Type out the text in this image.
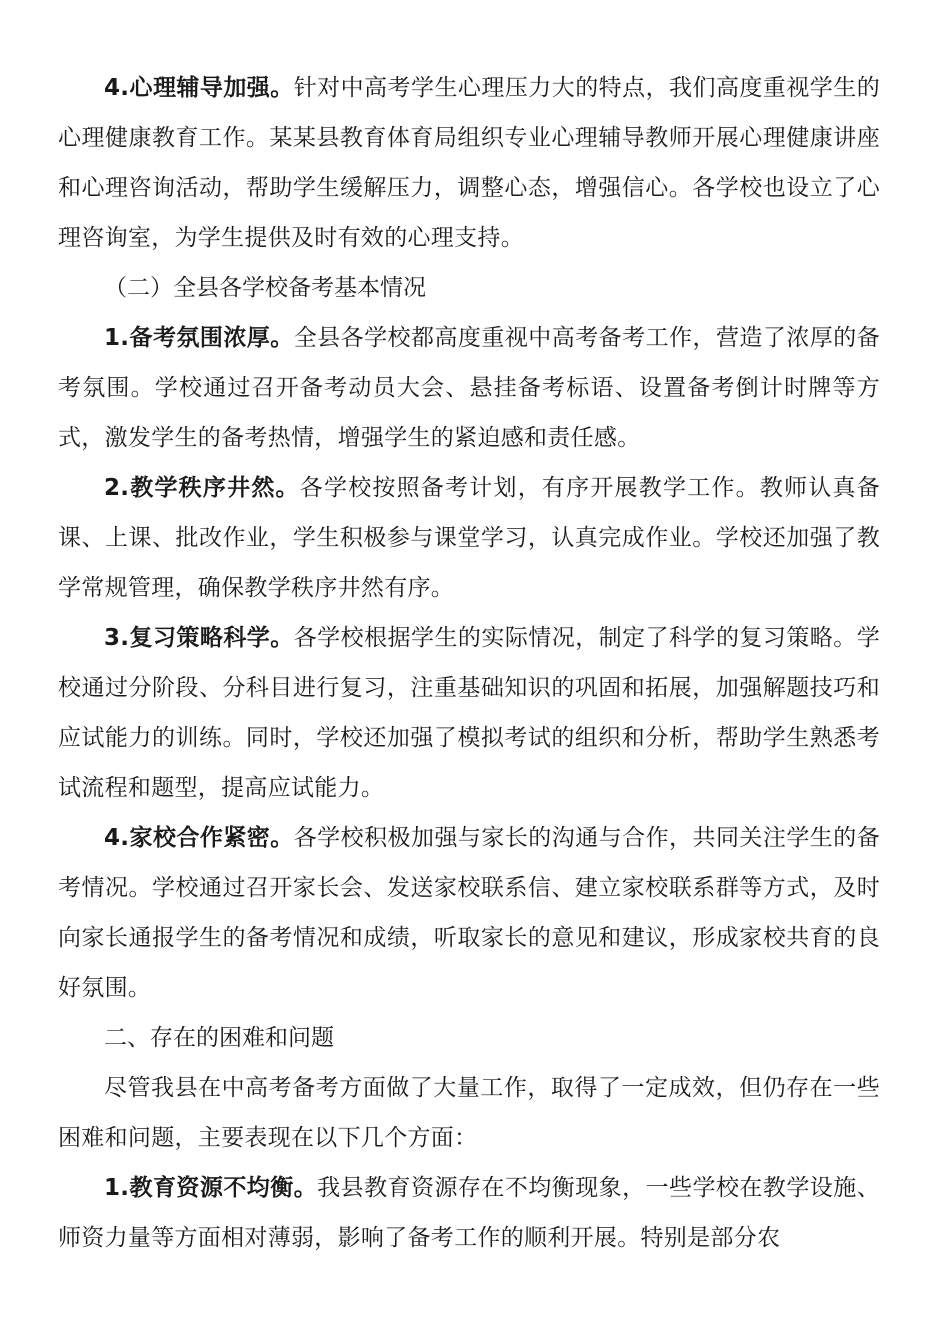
4.心理辅导加强。针对中高考学生心理压力大的特点，我们高度重视学生的心理健康教育工作。某某县教育体育局组织专业心理辅导教师开展心理健康讲座和心理咨询活动，帮助学生缓解压力，调整心态，增强信心。各学校也设立了心理咨询室，为学生提供及时有效的心理支持。

（二）全县各学校备考基本情况

1.备考氛围浓厚。全县各学校都高度重视中高考备考工作，营造了浓厚的备考氛围。学校通过召开备考动员大会、悬挂备考标语、设置备考倒计时牌等方式，激发学生的备考热情，增强学生的紧迫感和责任感。

2.教学秩序井然。各学校按照备考计划，有序开展教学工作。教师认真备课、上课、批改作业，学生积极参与课堂学习，认真完成作业。学校还加强了教学常规管理，确保教学秩序井然有序。

3.复习策略科学。各学校根据学生的实际情况，制定了科学的复习策略。学校通过分阶段、分科目进行复习，注重基础知识的巩固和拓展，加强解题技巧和应试能力的训练。同时，学校还加强了模拟考试的组织和分析，帮助学生熟悉考试流程和题型，提高应试能力。

4.家校合作紧密。各学校积极加强与家长的沟通与合作，共同关注学生的备考情况。学校通过召开家长会、发送家校联系信、建立家校联系群等方式，及时向家长通报学生的备考情况和成绩，听取家长的意见和建议，形成家校共育的良好氛围。

二、存在的困难和问题

尽管我县在中高考备考方面做了大量工作，取得了一定成效，但仍存在一些困难和问题，主要表现在以下几个方面：

1.教育资源不均衡。我县教育资源存在不均衡现象，一些学校在教学设施、师资力量等方面相对薄弱，影响了备考工作的顺利开展。特别是部分农
